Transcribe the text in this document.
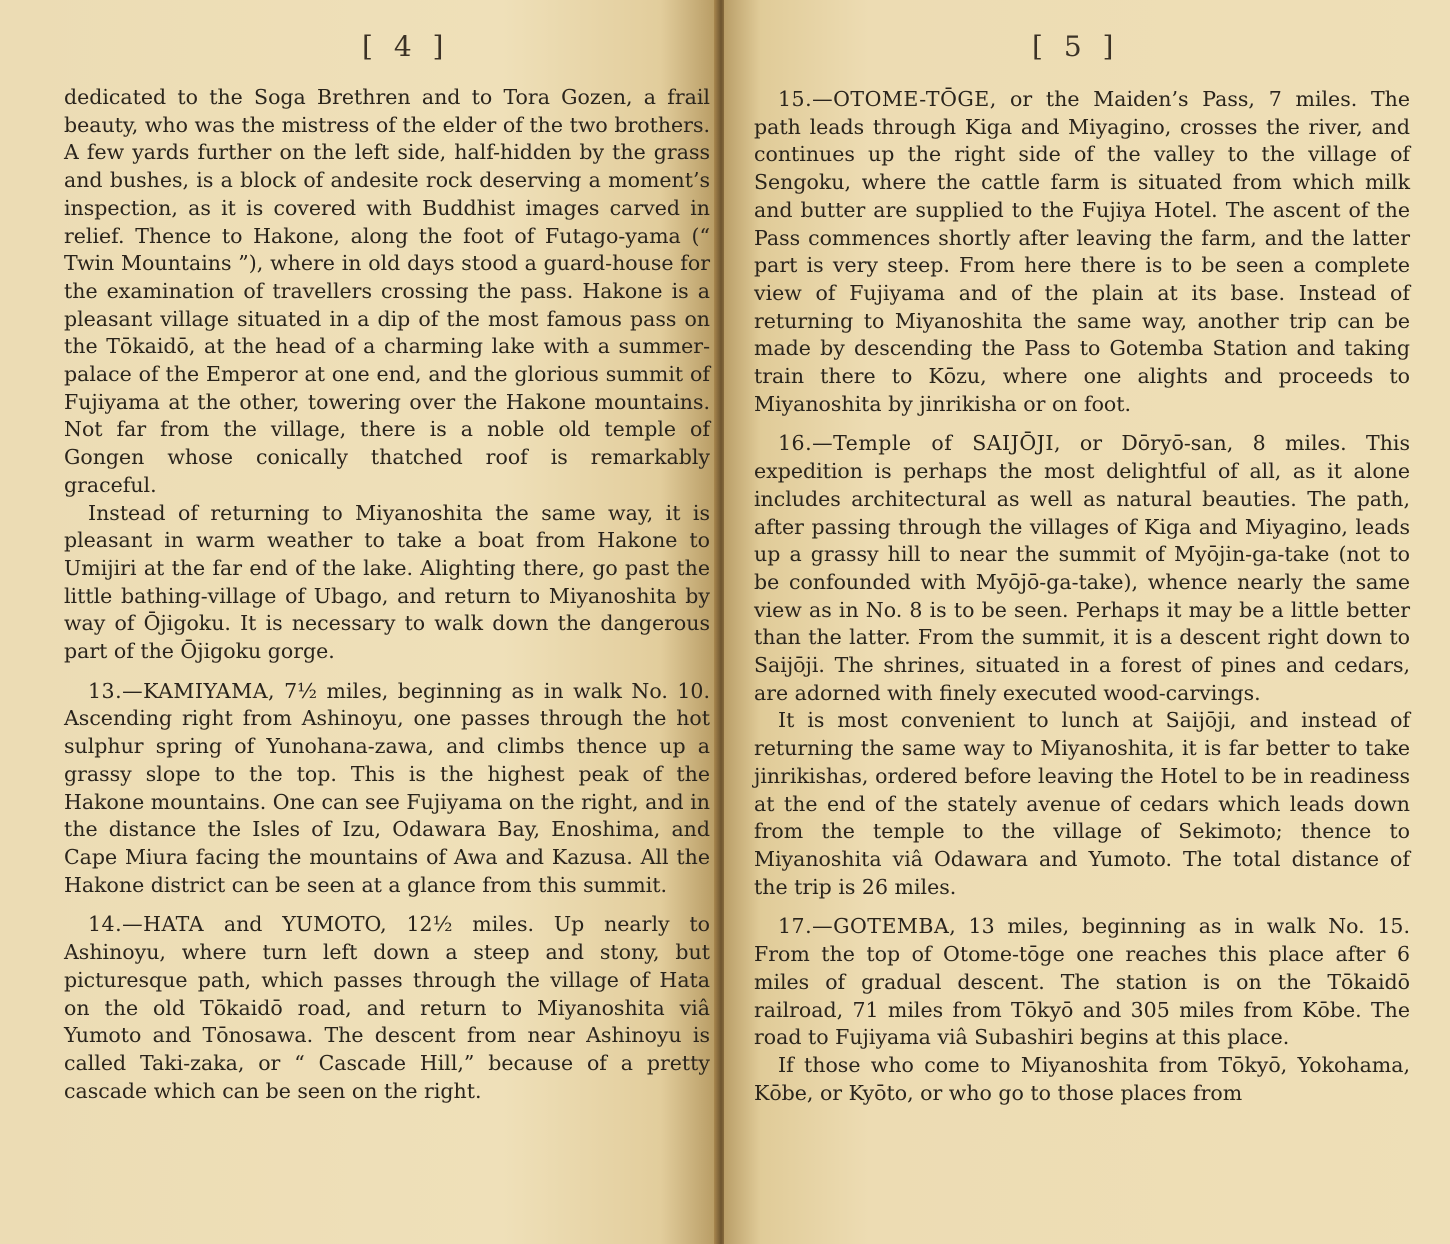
[ 4 ]

dedicated to the Soga Brethren and to Tora Gozen, a frail beauty, who was the mistress of the elder of the two brothers. A few yards further on the left side, half-hidden by the grass and bushes, is a block of andesite rock deserving a moment’s inspection, as it is covered with Buddhist images carved in relief. Thence to Hakone, along the foot of Futago-yama (“ Twin Mountains ”), where in old days stood a guard-house for the examination of travellers crossing the pass. Hakone is a pleasant village situated in a dip of the most famous pass on the Tōkaidō, at the head of a charming lake with a summer-palace of the Emperor at one end, and the glorious summit of Fujiyama at the other, towering over the Hakone mountains. Not far from the village, there is a noble old temple of Gongen whose conically thatched roof is remarkably graceful.

Instead of returning to Miyanoshita the same way, it is pleasant in warm weather to take a boat from Hakone to Umijiri at the far end of the lake. Alighting there, go past the little bathing-village of Ubago, and return to Miyanoshita by way of Ōjigoku. It is necessary to walk down the dangerous part of the Ōjigoku gorge.

13.—KAMIYAMA, 7½ miles, beginning as in walk No. 10. Ascending right from Ashinoyu, one passes through the hot sulphur spring of Yunohana-zawa, and climbs thence up a grassy slope to the top. This is the highest peak of the Hakone mountains. One can see Fujiyama on the right, and in the distance the Isles of Izu, Odawara Bay, Enoshima, and Cape Miura facing the mountains of Awa and Kazusa. All the Hakone district can be seen at a glance from this summit.

14.—HATA and YUMOTO, 12½ miles. Up nearly to Ashinoyu, where turn left down a steep and stony, but picturesque path, which passes through the village of Hata on the old Tōkaidō road, and return to Miyanoshita viâ Yumoto and Tōnosawa. The descent from near Ashinoyu is called Taki-zaka, or “ Cascade Hill,” because of a pretty cascade which can be seen on the right.

[ 5 ]

15.—OTOME-TŌGE, or the Maiden’s Pass, 7 miles. The path leads through Kiga and Miyagino, crosses the river, and continues up the right side of the valley to the village of Sengoku, where the cattle farm is situated from which milk and butter are supplied to the Fujiya Hotel. The ascent of the Pass commences shortly after leaving the farm, and the latter part is very steep. From here there is to be seen a complete view of Fujiyama and of the plain at its base. Instead of returning to Miyanoshita the same way, another trip can be made by descending the Pass to Gotemba Station and taking train there to Kōzu, where one alights and proceeds to Miyanoshita by jinrikisha or on foot.

16.—Temple of SAIJŌJI, or Dōryō-san, 8 miles. This expedition is perhaps the most delightful of all, as it alone includes architectural as well as natural beauties. The path, after passing through the villages of Kiga and Miyagino, leads up a grassy hill to near the summit of Myōjin-ga-take (not to be confounded with Myōjō-ga-take), whence nearly the same view as in No. 8 is to be seen. Perhaps it may be a little better than the latter. From the summit, it is a descent right down to Saijōji. The shrines, situated in a forest of pines and cedars, are adorned with finely executed wood-carvings.

It is most convenient to lunch at Saijōji, and instead of returning the same way to Miyanoshita, it is far better to take jinrikishas, ordered before leaving the Hotel to be in readiness at the end of the stately avenue of cedars which leads down from the temple to the village of Sekimoto; thence to Miyanoshita viâ Odawara and Yumoto. The total distance of the trip is 26 miles.

17.—GOTEMBA, 13 miles, beginning as in walk No. 15. From the top of Otome-tōge one reaches this place after 6 miles of gradual descent. The station is on the Tōkaidō railroad, 71 miles from Tōkyō and 305 miles from Kōbe. The road to Fujiyama viâ Subashiri begins at this place.

If those who come to Miyanoshita from Tōkyō, Yokohama, Kōbe, or Kyōto, or who go to those places from
